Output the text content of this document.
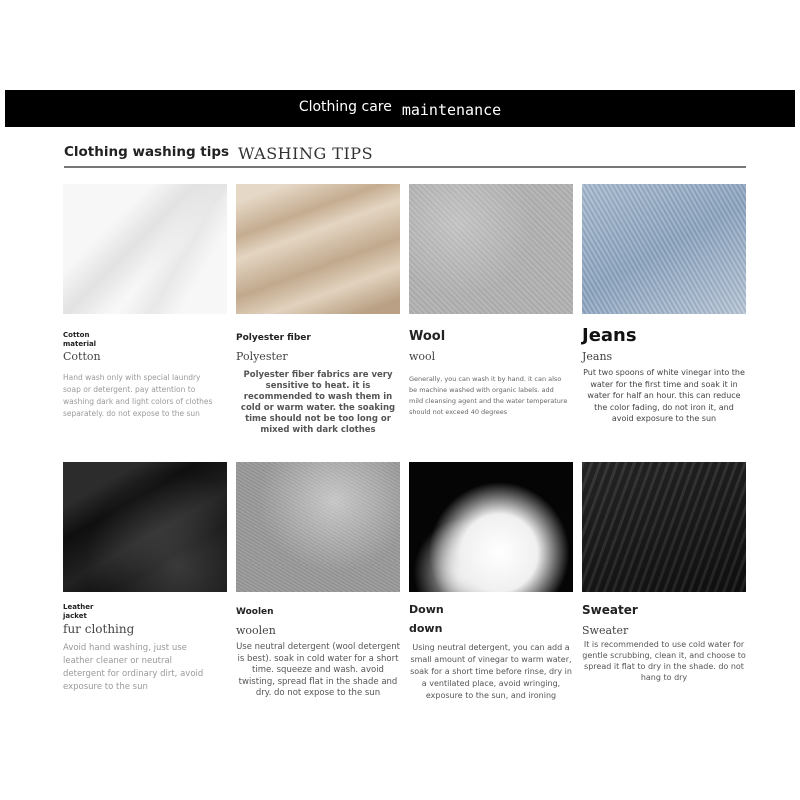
Clothing care maintenance
Clothing washing tips WASHING TIPS
Cotton
material
Cotton
Hand wash only with special laundry soap or detergent. pay attention to washing dark and light colors of clothes separately. do not expose to the sun
Polyester fiber
Polyester
Polyester fiber fabrics are very sensitive to heat. it is recommended to wash them in cold or warm water. the soaking time should not be too long or mixed with dark clothes
Wool
wool
Generally, you can wash it by hand. it can also be machine washed with organic labels. add mild cleansing agent and the water temperature should not exceed 40 degrees
Jeans
Jeans
Put two spoons of white vinegar into the water for the first time and soak it in water for half an hour. this can reduce the color fading, do not iron it, and avoid exposure to the sun
Leather
jacket
fur clothing
Avoid hand washing, just use leather cleaner or neutral detergent for ordinary dirt, avoid exposure to the sun
Woolen
woolen
Use neutral detergent (wool detergent is best). soak in cold water for a short time. squeeze and wash. avoid twisting, spread flat in the shade and dry. do not expose to the sun
Down
down
Using neutral detergent, you can add a small amount of vinegar to warm water, soak for a short time before rinse, dry in a ventilated place, avoid wringing, exposure to the sun, and ironing
Sweater
Sweater
It is recommended to use cold water for gentle scrubbing, clean it, and choose to spread it flat to dry in the shade. do not hang to dry
